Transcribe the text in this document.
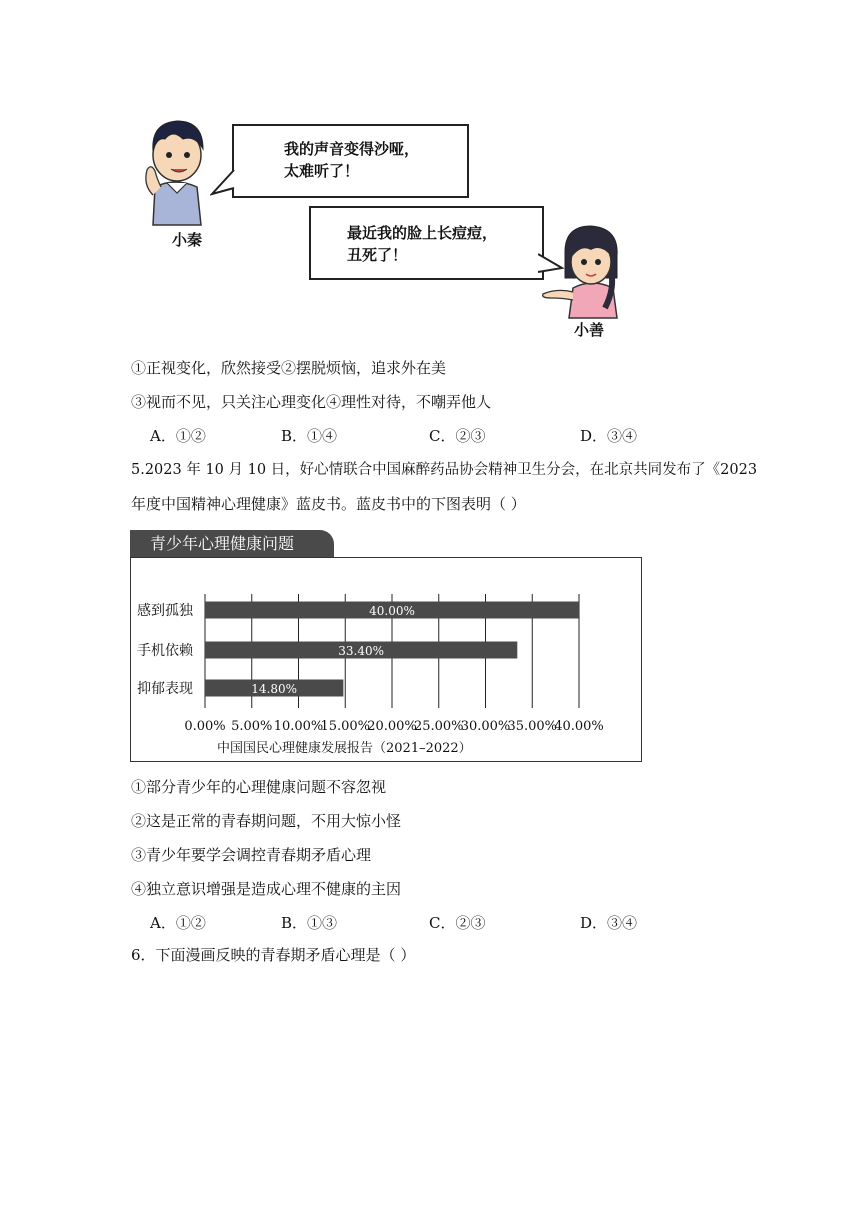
小秦

我的声音变得沙哑，
太难听了！

最近我的脸上长痘痘，
丑死了！

小善
①正视变化，欣然接受②摆脱烦恼，追求外在美
③视而不见，只关注心理变化④理性对待，不嘲弄他人
A．①②	B．①④	C．②③	D．③④
5.2023 年 10 月 10 日，好心情联合中国麻醉药品协会精神卫生分会，在北京共同发布了《2023
年度中国精神心理健康》蓝皮书。蓝皮书中的下图表明（ ）
青少年心理健康问题
感到孤独	40.00%
手机依赖	33.40%
抑郁表现	14.80%
0.00% 5.00% 10.00%
15.00%
20.00%
25.00%
30.00%
35.00%
40.00%
中国国民心理健康发展报告（2021–2022）
①部分青少年的心理健康问题不容忽视
②这是正常的青春期问题，不用大惊小怪
③青少年要学会调控青春期矛盾心理
④独立意识增强是造成心理不健康的主因
A．①②	B．①③	C．②③	D．③④
6．下面漫画反映的青春期矛盾心理是（ ）
